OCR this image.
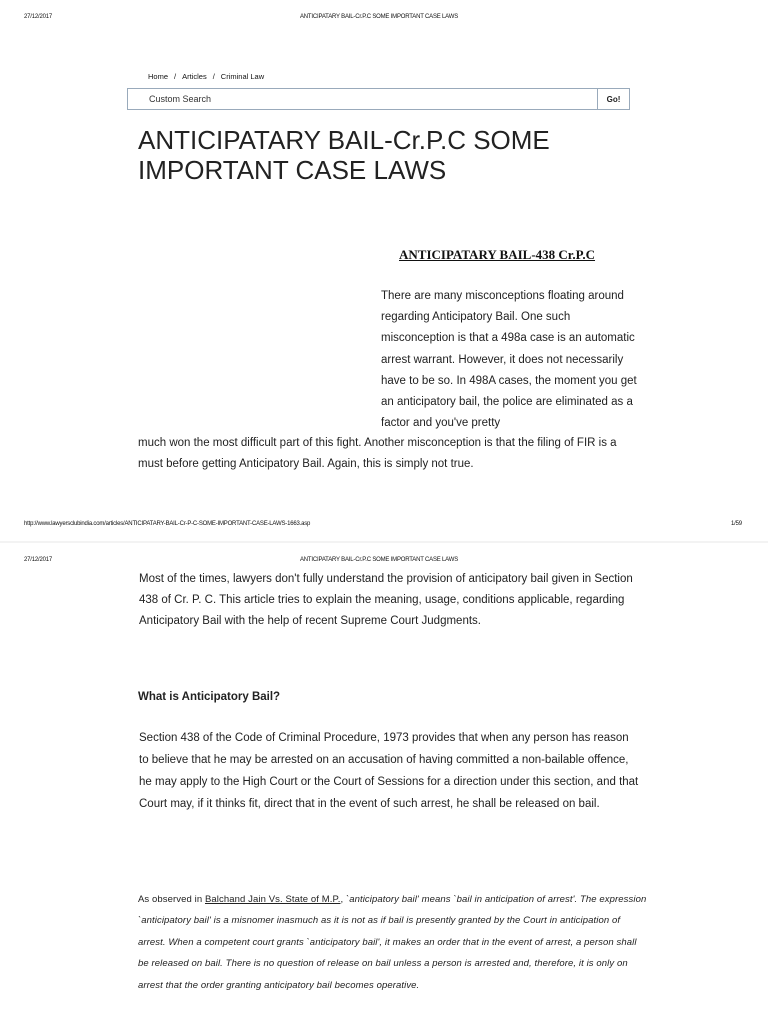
27/12/2017	ANTICIPATARY BAIL-Cr.P.C SOME IMPORTANT CASE LAWS
Home / Articles / Criminal Law
Custom Search
Go!
ANTICIPATARY BAIL-Cr.P.C SOME IMPORTANT CASE LAWS
ANTICIPATARY BAIL-438 Cr.P.C
There are many misconceptions floating around regarding Anticipatory Bail. One such misconception is that a 498a case is an automatic arrest warrant. However, it does not necessarily have to be so. In 498A cases, the moment you get an anticipatory bail, the police are eliminated as a factor and you've pretty
much won the most difficult part of this fight. Another misconception is that the filing of FIR is a must before getting Anticipatory Bail. Again, this is simply not true.
http://www.lawyersclubindia.com/articles/ANTICIPATARY-BAIL-Cr-P-C-SOME-IMPORTANT-CASE-LAWS-1663.asp	1/59
27/12/2017	ANTICIPATARY BAIL-Cr.P.C SOME IMPORTANT CASE LAWS
Most of the times, lawyers don't fully understand the provision of anticipatory bail given in Section 438 of Cr. P. C. This article tries to explain the meaning, usage, conditions applicable, regarding Anticipatory Bail with the help of recent Supreme Court Judgments.
What is Anticipatory Bail?
Section 438 of the Code of Criminal Procedure, 1973 provides that when any person has reason to believe that he may be arrested on an accusation of having committed a non-bailable offence, he may apply to the High Court or the Court of Sessions for a direction under this section, and that Court may, if it thinks fit, direct that in the event of such arrest, he shall be released on bail.
As observed in Balchand Jain Vs. State of M.P., `anticipatory bail' means `bail in anticipation of arrest'. The expression `anticipatory bail' is a misnomer inasmuch as it is not as if bail is presently granted by the Court in anticipation of arrest. When a competent court grants `anticipatory bail', it makes an order that in the event of arrest, a person shall be released on bail. There is no question of release on bail unless a person is arrested and, therefore, it is only on arrest that the order granting anticipatory bail becomes operative.
